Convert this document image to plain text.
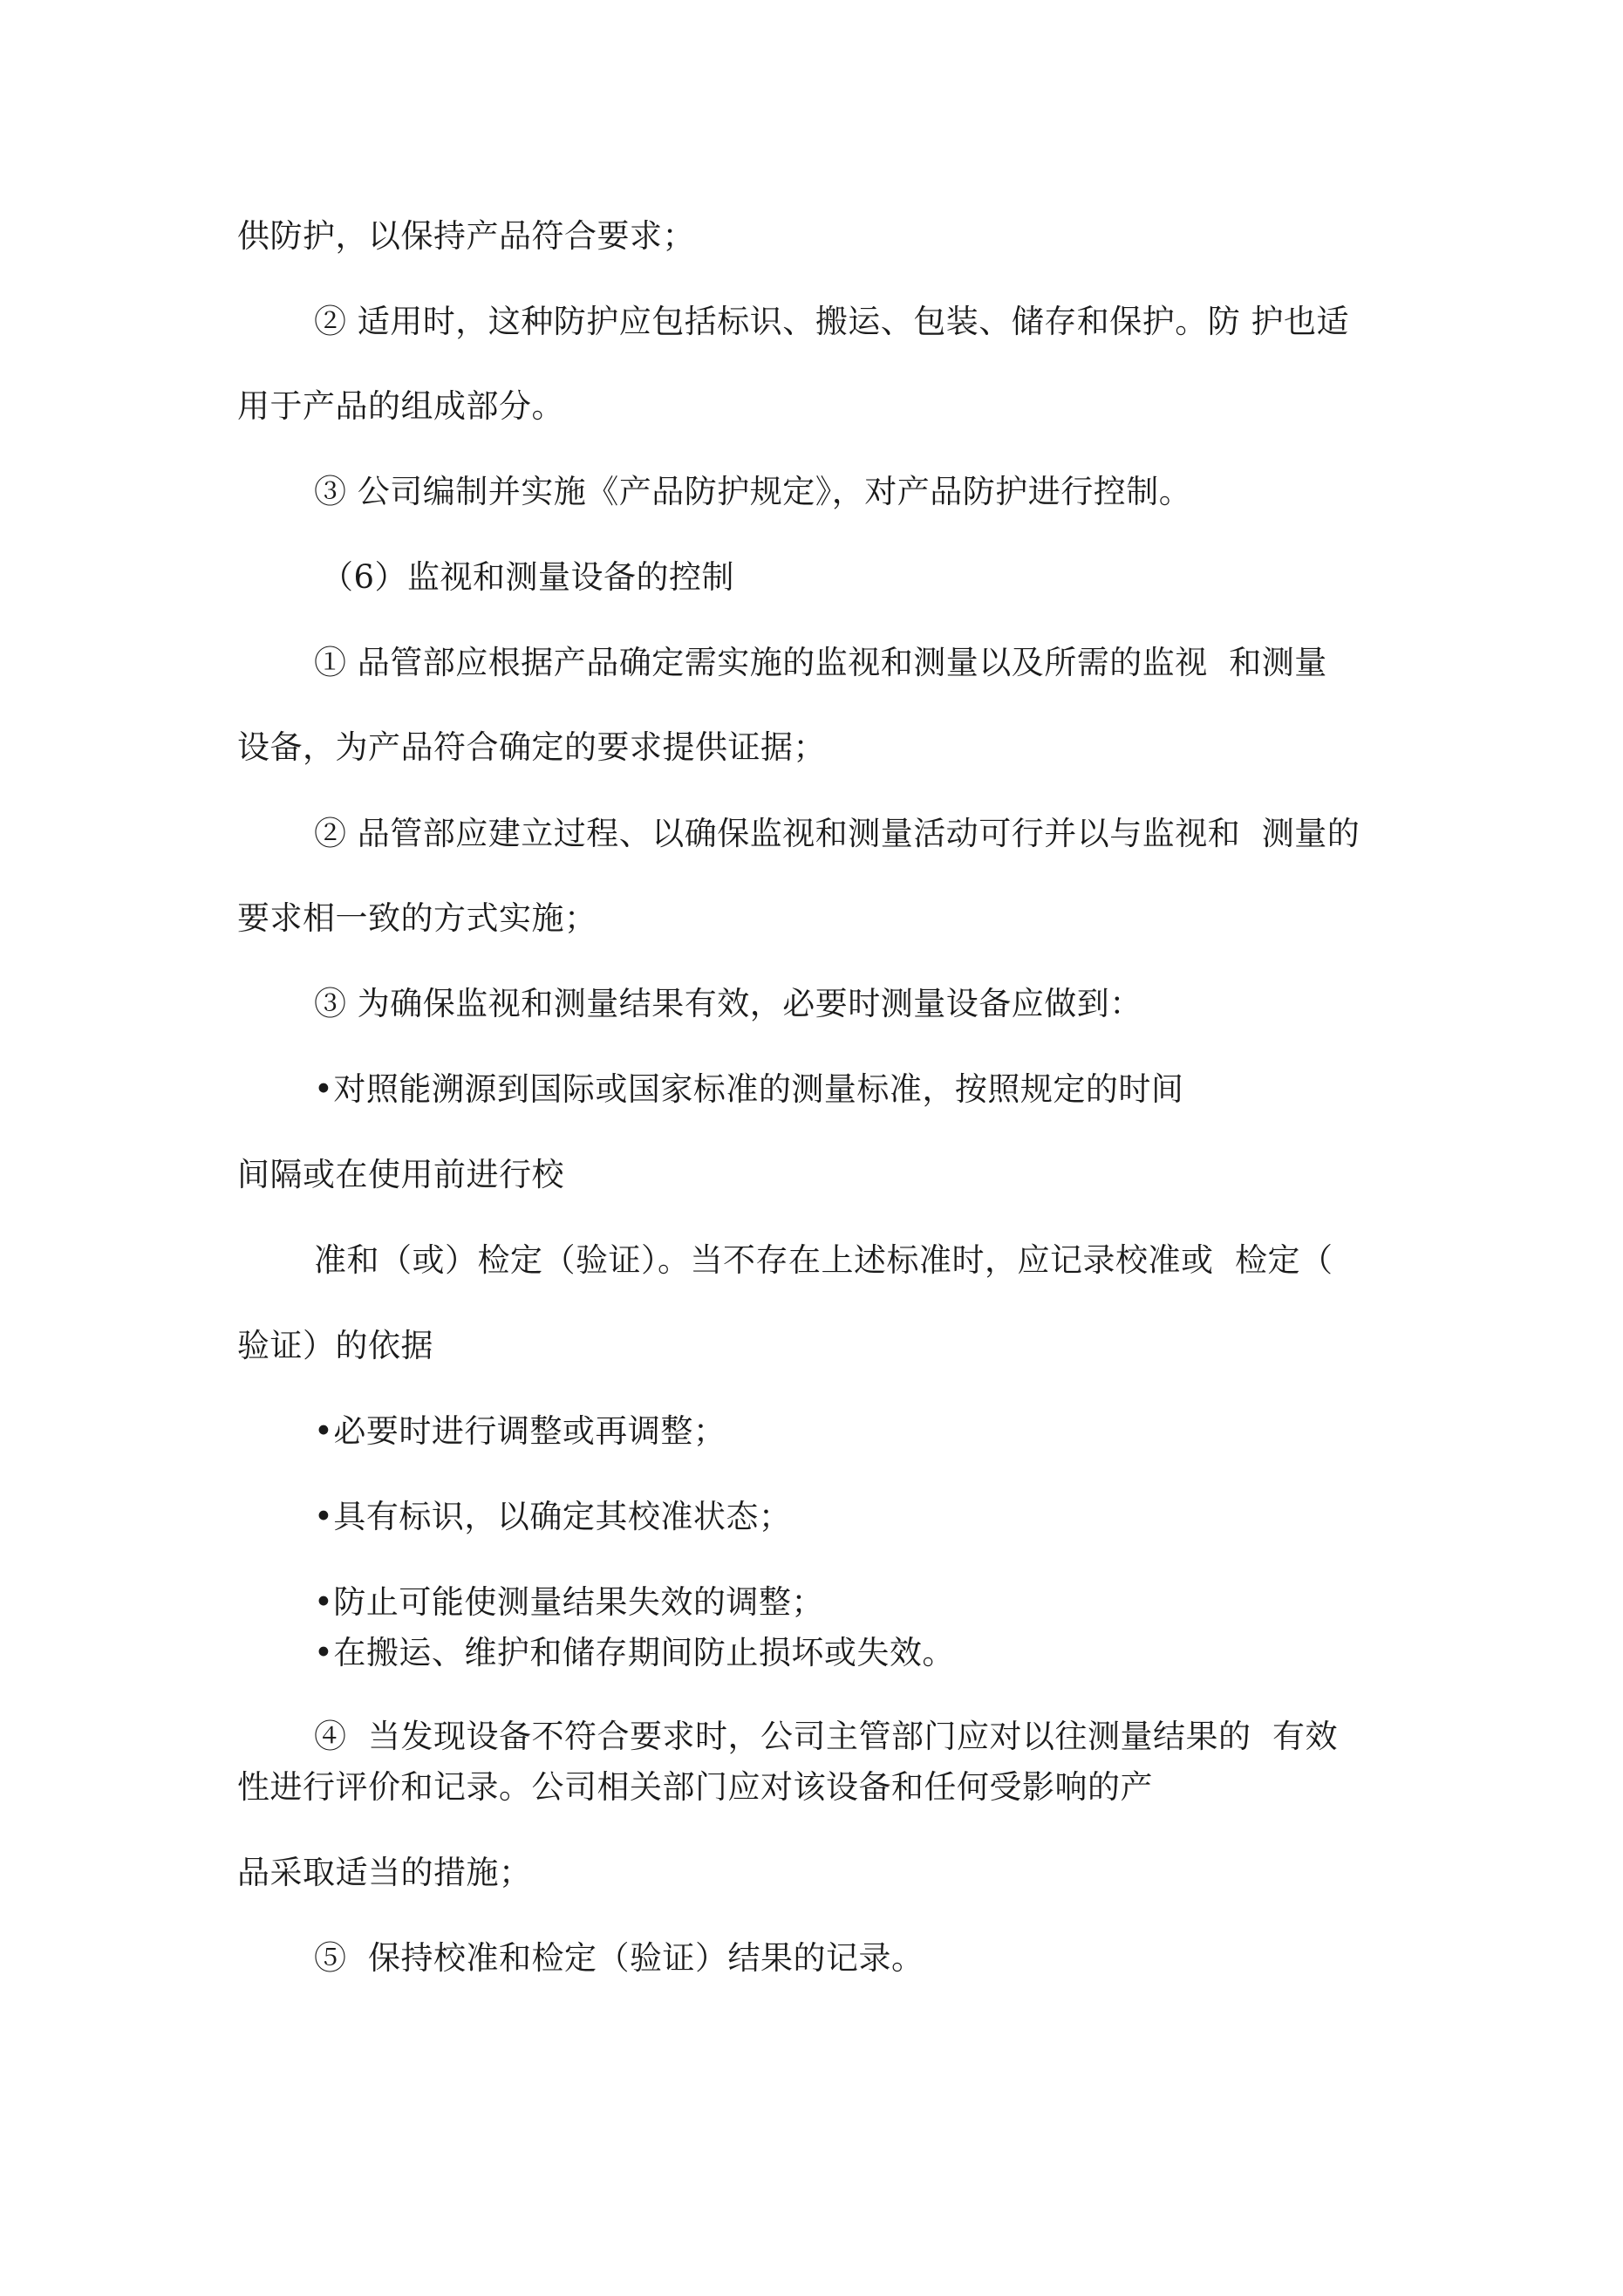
供防护，以保持产品符合要求；
② 适用时，这种防护应包括标识、搬运、包装、储存和保护。防 护也适
用于产品的组成部分。
③ 公司编制并实施《产品防护规定》，对产品防护进行控制。
（6）监视和测量设备的控制
① 品管部应根据产品确定需实施的监视和测量以及所需的监视  和测量
设备，为产品符合确定的要求提供证据；
② 品管部应建立过程、以确保监视和测量活动可行并以与监视和  测量的
要求相一致的方式实施；
③ 为确保监视和测量结果有效，必要时测量设备应做到：
•对照能溯源到国际或国家标准的测量标准，按照规定的时间
间隔或在使用前进行校
准和（或）检定（验证）。当不存在上述标准时，应记录校准或  检定（
验证）的依据
•必要时进行调整或再调整；
•具有标识，以确定其校准状态；
•防止可能使测量结果失效的调整；
•在搬运、维护和储存期间防止损坏或失效。
④  当发现设备不符合要求时，公司主管部门应对以往测量结果的  有效
性进行评价和记录。公司相关部门应对该设备和任何受影响的产
品采取适当的措施；
⑤  保持校准和检定（验证）结果的记录。
